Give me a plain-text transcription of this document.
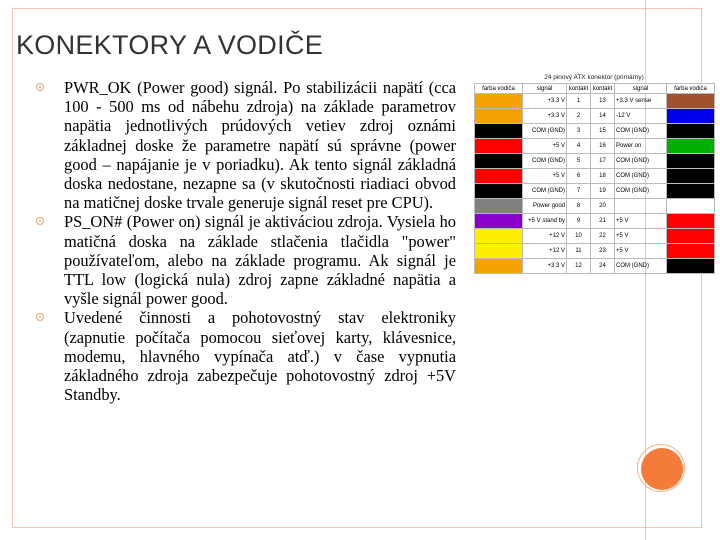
KONEKTORY A VODIČE
PWR_OK (Power good) signál. Po stabilizácii napätí (cca 100 - 500 ms od nábehu zdroja) na základe parametrov napätia jednotlivých prúdových vetiev zdroj oznámi základnej doske že parametre napätí sú správne (power good – napájanie je v poriadku). Ak tento signál základná doska nedostane, nezapne sa (v skutočnosti riadiaci obvod na matičnej doske trvale generuje signál reset pre CPU).
PS_ON# (Power on) signál je aktiváciou zdroja. Vysiela ho matičná doska na základe stlačenia tlačidla "power" používateľom, alebo na základe programu. Ak signál je TTL low (logická nula) zdroj zapne základné napätia a vyšle signál power good.
Uvedené činnosti a pohotovostný stav elektroniky (zapnutie počítača pomocou sieťovej karty, klávesnice, modemu, hlavného vypínača atď.) v čase vypnutia základného zdroja zabezpečuje pohotovostný zdroj +5V Standby.
24 pinový ATX konektor (primárny)
farba vodiča	signál	kontakt	kontakt	signál	farba vodiča
	+3.3 V	1	13	+3.3 V sense	
	+3.3 V	2	14	-12 V	
	COM (GND)	3	15	COM (GND)	
	+5 V	4	16	Power on	
	COM (GND)	5	17	COM (GND)	
	+5 V	6	18	COM (GND)	
	COM (GND)	7	19	COM (GND)	
	Power good	8	20		
	+5 V stand by	9	21	+5 V	
	+12 V	10	22	+5 V	
	+12 V	11	23	+5 V	
	+3.3 V	12	24	COM (GND)	
